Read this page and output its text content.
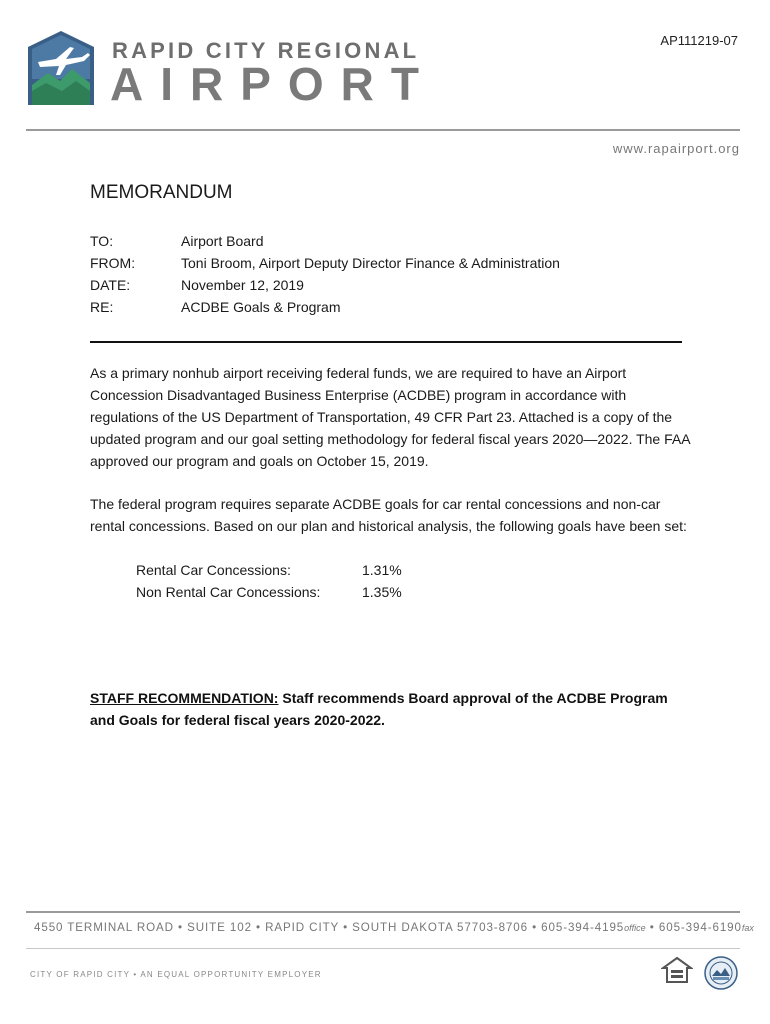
AP111219-07
RAPID CITY REGIONAL
AIRPORT
www.rapairport.org
MEMORANDUM
TO:	Airport Board
FROM:	Toni Broom, Airport Deputy Director Finance & Administration
DATE:	November 12, 2019
RE:	ACDBE Goals & Program
As a primary nonhub airport receiving federal funds, we are required to have an Airport Concession Disadvantaged Business Enterprise (ACDBE) program in accordance with regulations of the US Department of Transportation, 49 CFR Part 23. Attached is a copy of the updated program and our goal setting methodology for federal fiscal years 2020—2022. The FAA approved our program and goals on October 15, 2019.
The federal program requires separate ACDBE goals for car rental concessions and non-car rental concessions. Based on our plan and historical analysis, the following goals have been set:
Rental Car Concessions:	1.31%
Non Rental Car Concessions:	1.35%
STAFF RECOMMENDATION: Staff recommends Board approval of the ACDBE Program and Goals for federal fiscal years 2020-2022.
4550 TERMINAL ROAD • SUITE 102 • RAPID CITY • SOUTH DAKOTA 57703-8706 • 605-394-4195office • 605-394-6190fax
CITY OF RAPID CITY • AN EQUAL OPPORTUNITY EMPLOYER
